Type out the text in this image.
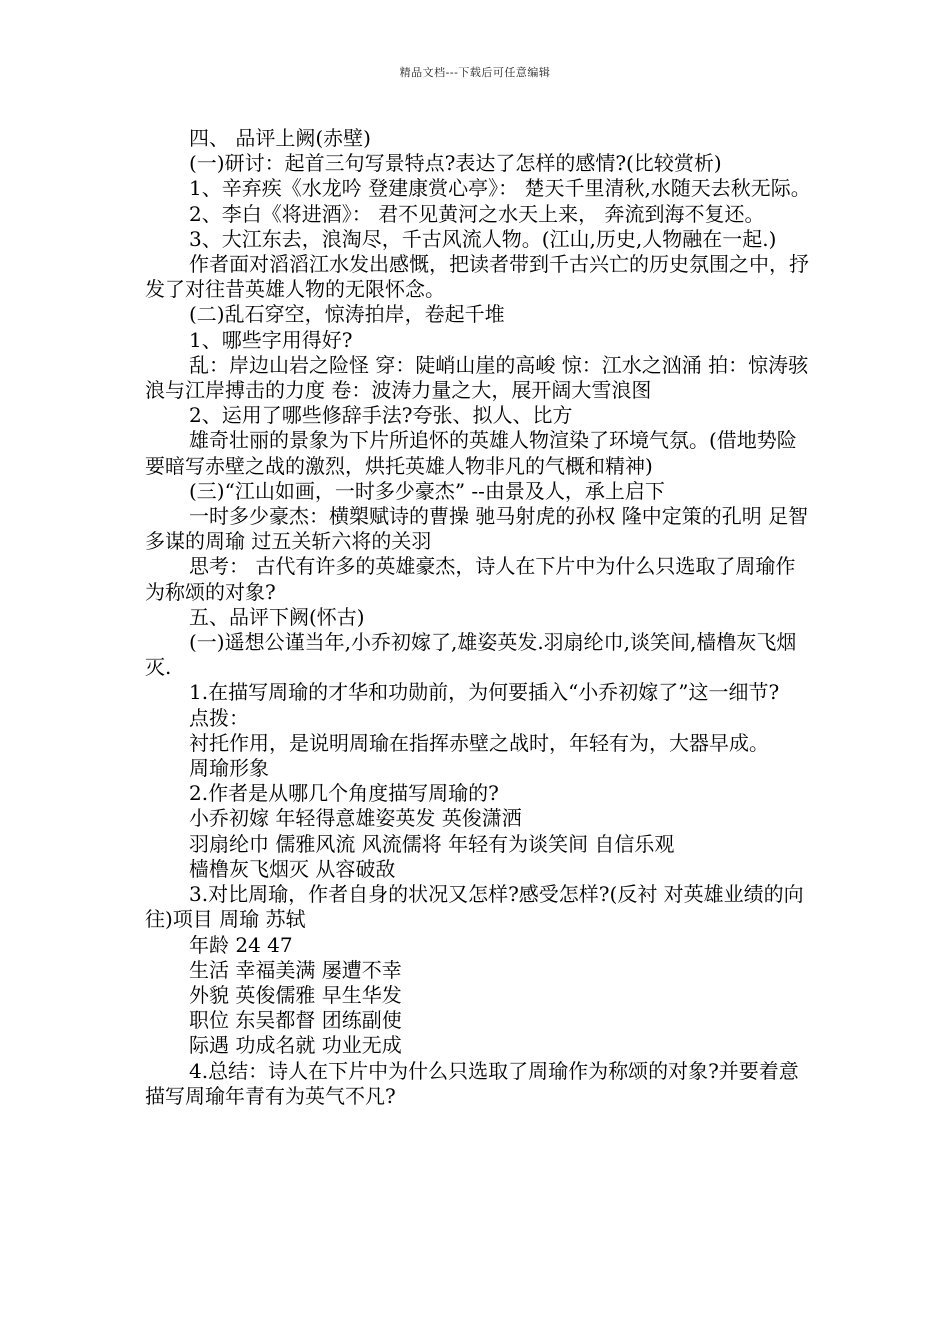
精品文档---下载后可任意编辑

四、 品评上阙(赤壁)

(一)研讨：起首三句写景特点?表达了怎样的感情?(比较赏析)

1、辛弃疾《水龙吟 登建康赏心亭》： 楚天千里清秋,水随天去秋无际。

2、李白《将进酒》： 君不见黄河之水天上来， 奔流到海不复还。

3、大江东去，浪淘尽，千古风流人物。(江山,历史,人物融在一起.)

作者面对滔滔江水发出感慨，把读者带到千古兴亡的历史氛围之中，抒发了对往昔英雄人物的无限怀念。

(二)乱石穿空，惊涛拍岸，卷起千堆

1、哪些字用得好?

乱：岸边山岩之险怪 穿：陡峭山崖的高峻 惊：江水之汹涌 拍：惊涛骇浪与江岸搏击的力度 卷：波涛力量之大，展开阔大雪浪图

2、运用了哪些修辞手法?夸张、拟人、比方

雄奇壮丽的景象为下片所追怀的英雄人物渲染了环境气氛。(借地势险要暗写赤壁之战的激烈，烘托英雄人物非凡的气概和精神)

(三)“江山如画，一时多少豪杰” --由景及人，承上启下

一时多少豪杰：横槊赋诗的曹操 驰马射虎的孙权 隆中定策的孔明 足智多谋的周瑜 过五关斩六将的关羽

思考： 古代有许多的英雄豪杰，诗人在下片中为什么只选取了周瑜作为称颂的对象?

五、品评下阙(怀古)

(一)遥想公谨当年,小乔初嫁了,雄姿英发.羽扇纶巾,谈笑间,樯橹灰飞烟灭.

1.在描写周瑜的才华和功勋前，为何要插入“小乔初嫁了”这一细节?

点拨：

衬托作用，是说明周瑜在指挥赤壁之战时，年轻有为，大器早成。

周瑜形象

2.作者是从哪几个角度描写周瑜的?

小乔初嫁 年轻得意雄姿英发 英俊潇洒

羽扇纶巾 儒雅风流 风流儒将 年轻有为谈笑间 自信乐观

樯橹灰飞烟灭 从容破敌

3.对比周瑜，作者自身的状况又怎样?感受怎样?(反衬 对英雄业绩的向往)项目 周瑜 苏轼

年龄 24 47

生活 幸福美满 屡遭不幸

外貌 英俊儒雅 早生华发

职位 东吴都督 团练副使

际遇 功成名就 功业无成

4.总结：诗人在下片中为什么只选取了周瑜作为称颂的对象?并要着意描写周瑜年青有为英气不凡?
